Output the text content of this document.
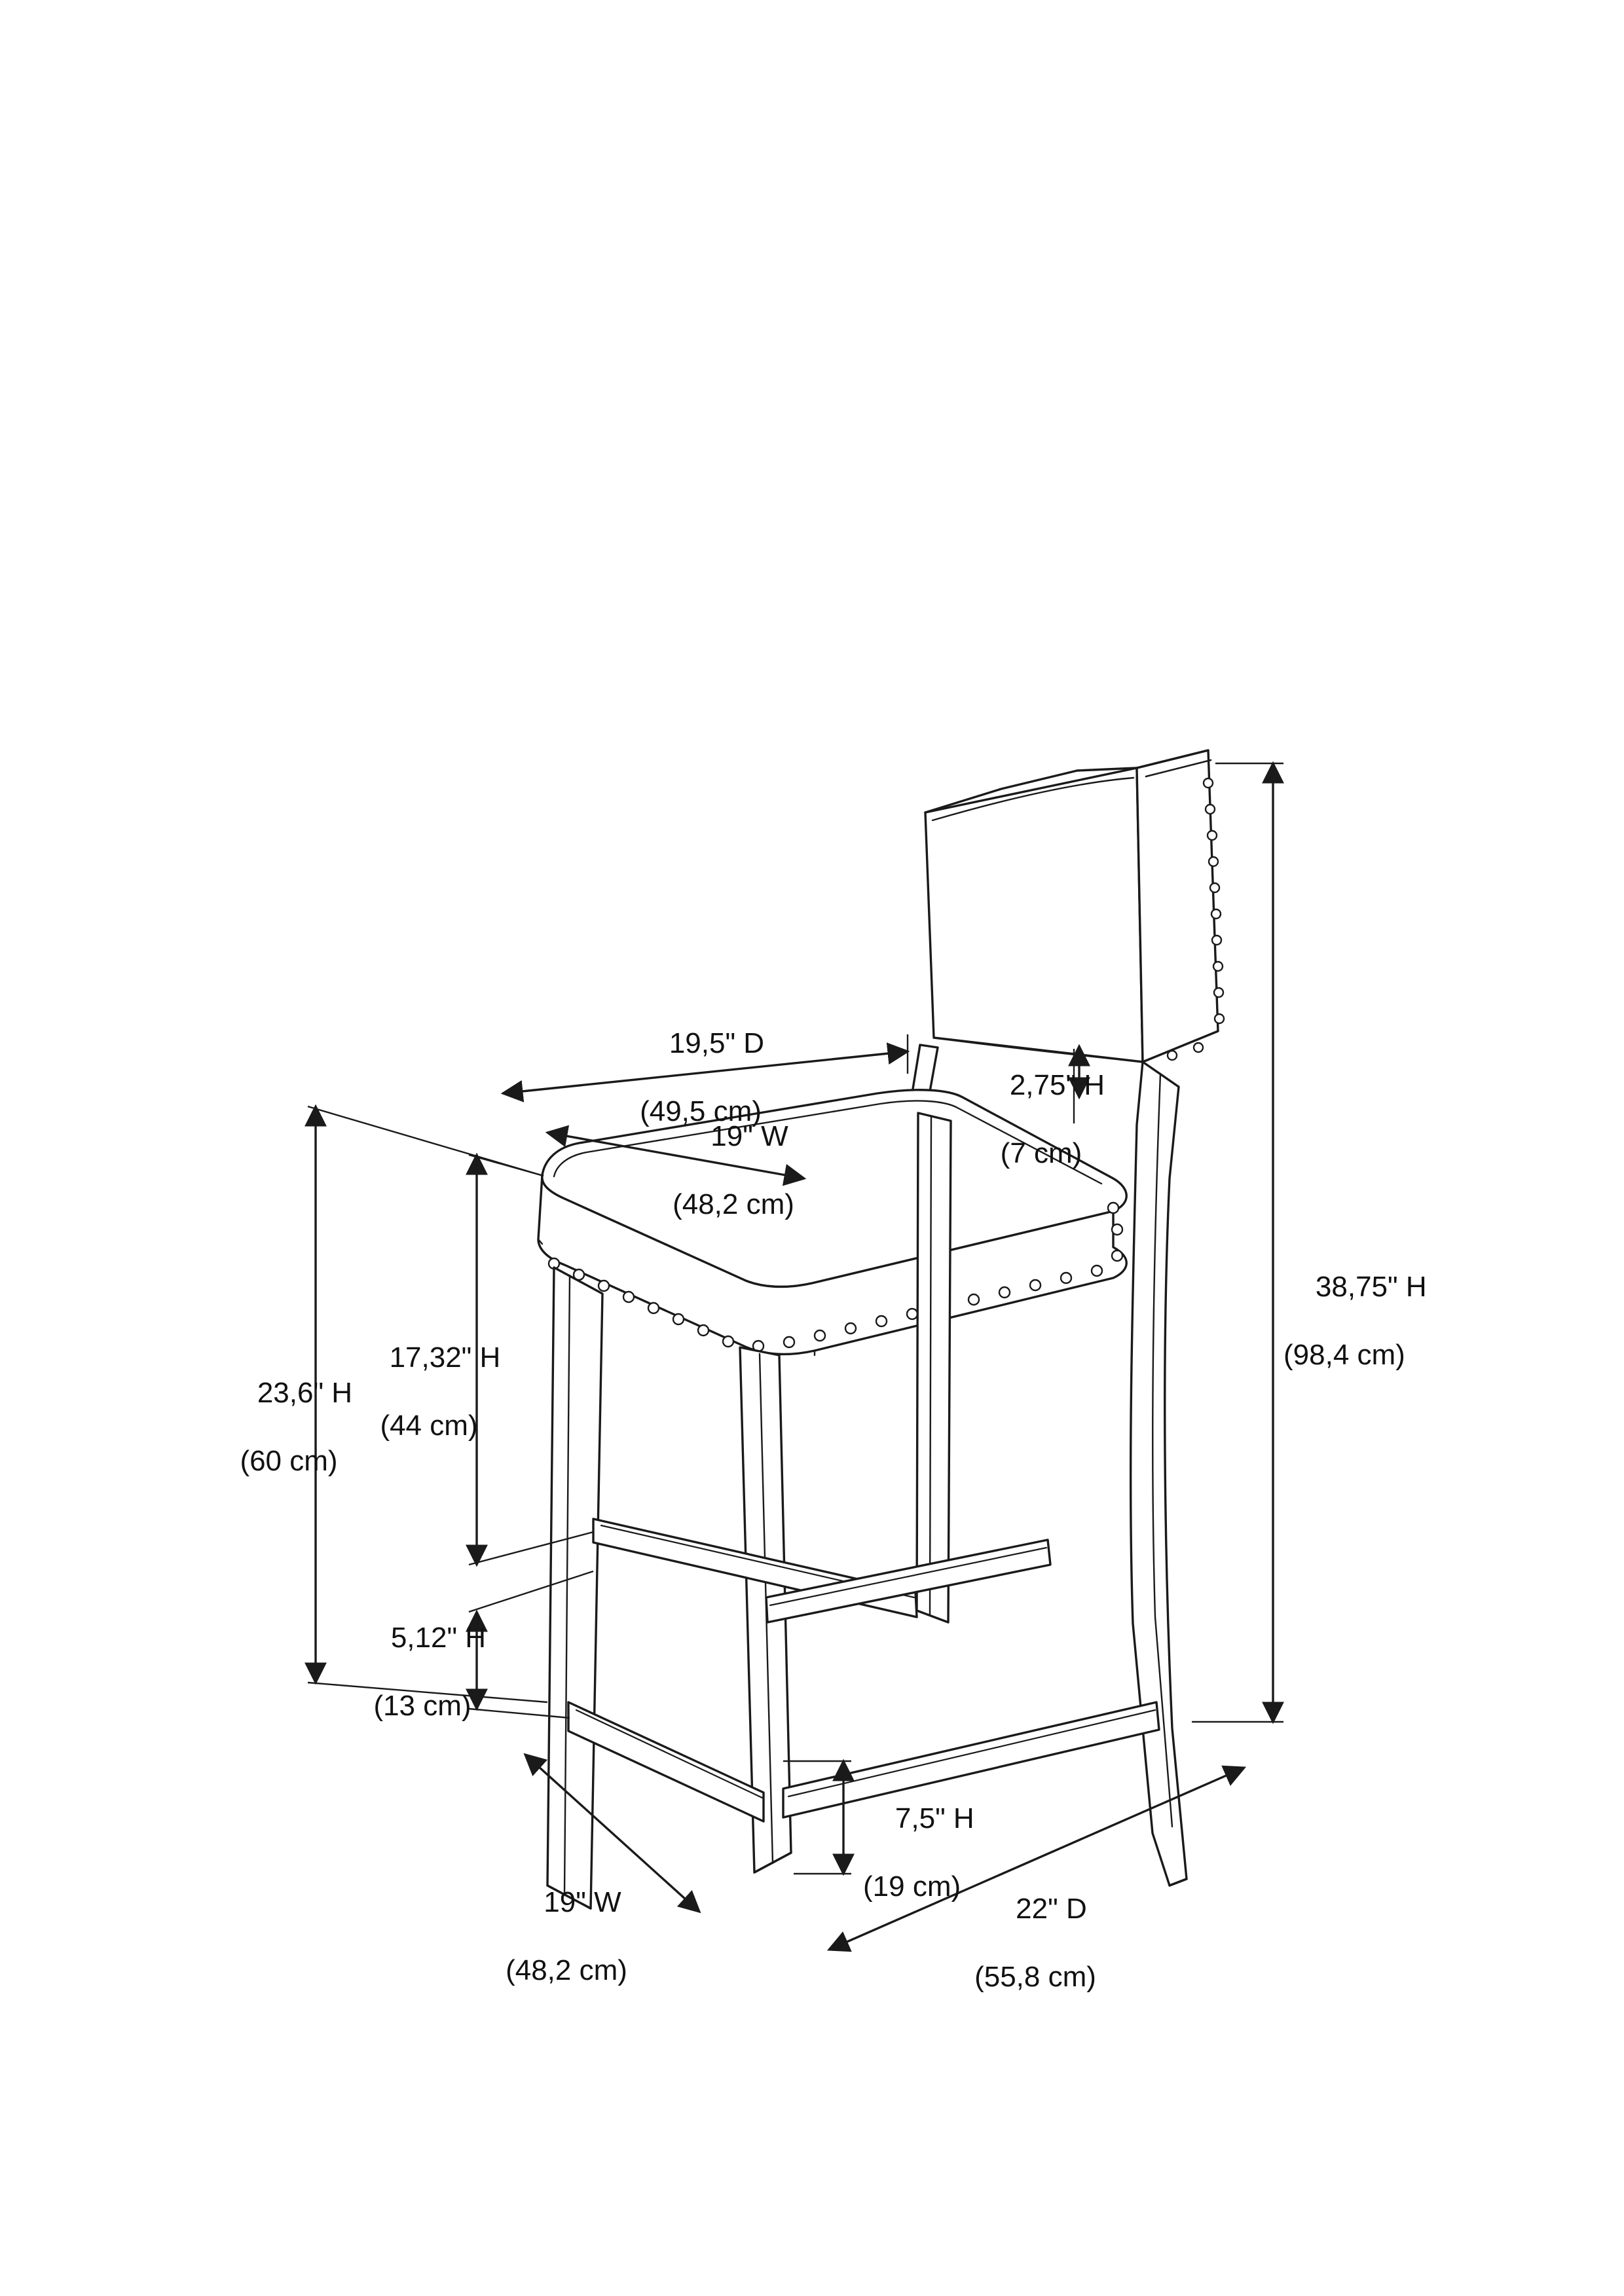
19,5" D

(49,5 cm)

19" W

(48,2 cm)

2,75" H

(7 cm)

38,75" H

(98,4 cm)

23,6" H

(60 cm)

17,32" H

(44 cm)

5,12" H

(13 cm)

7,5" H

(19 cm)

19" W

(48,2 cm)

22" D

(55,8 cm)
